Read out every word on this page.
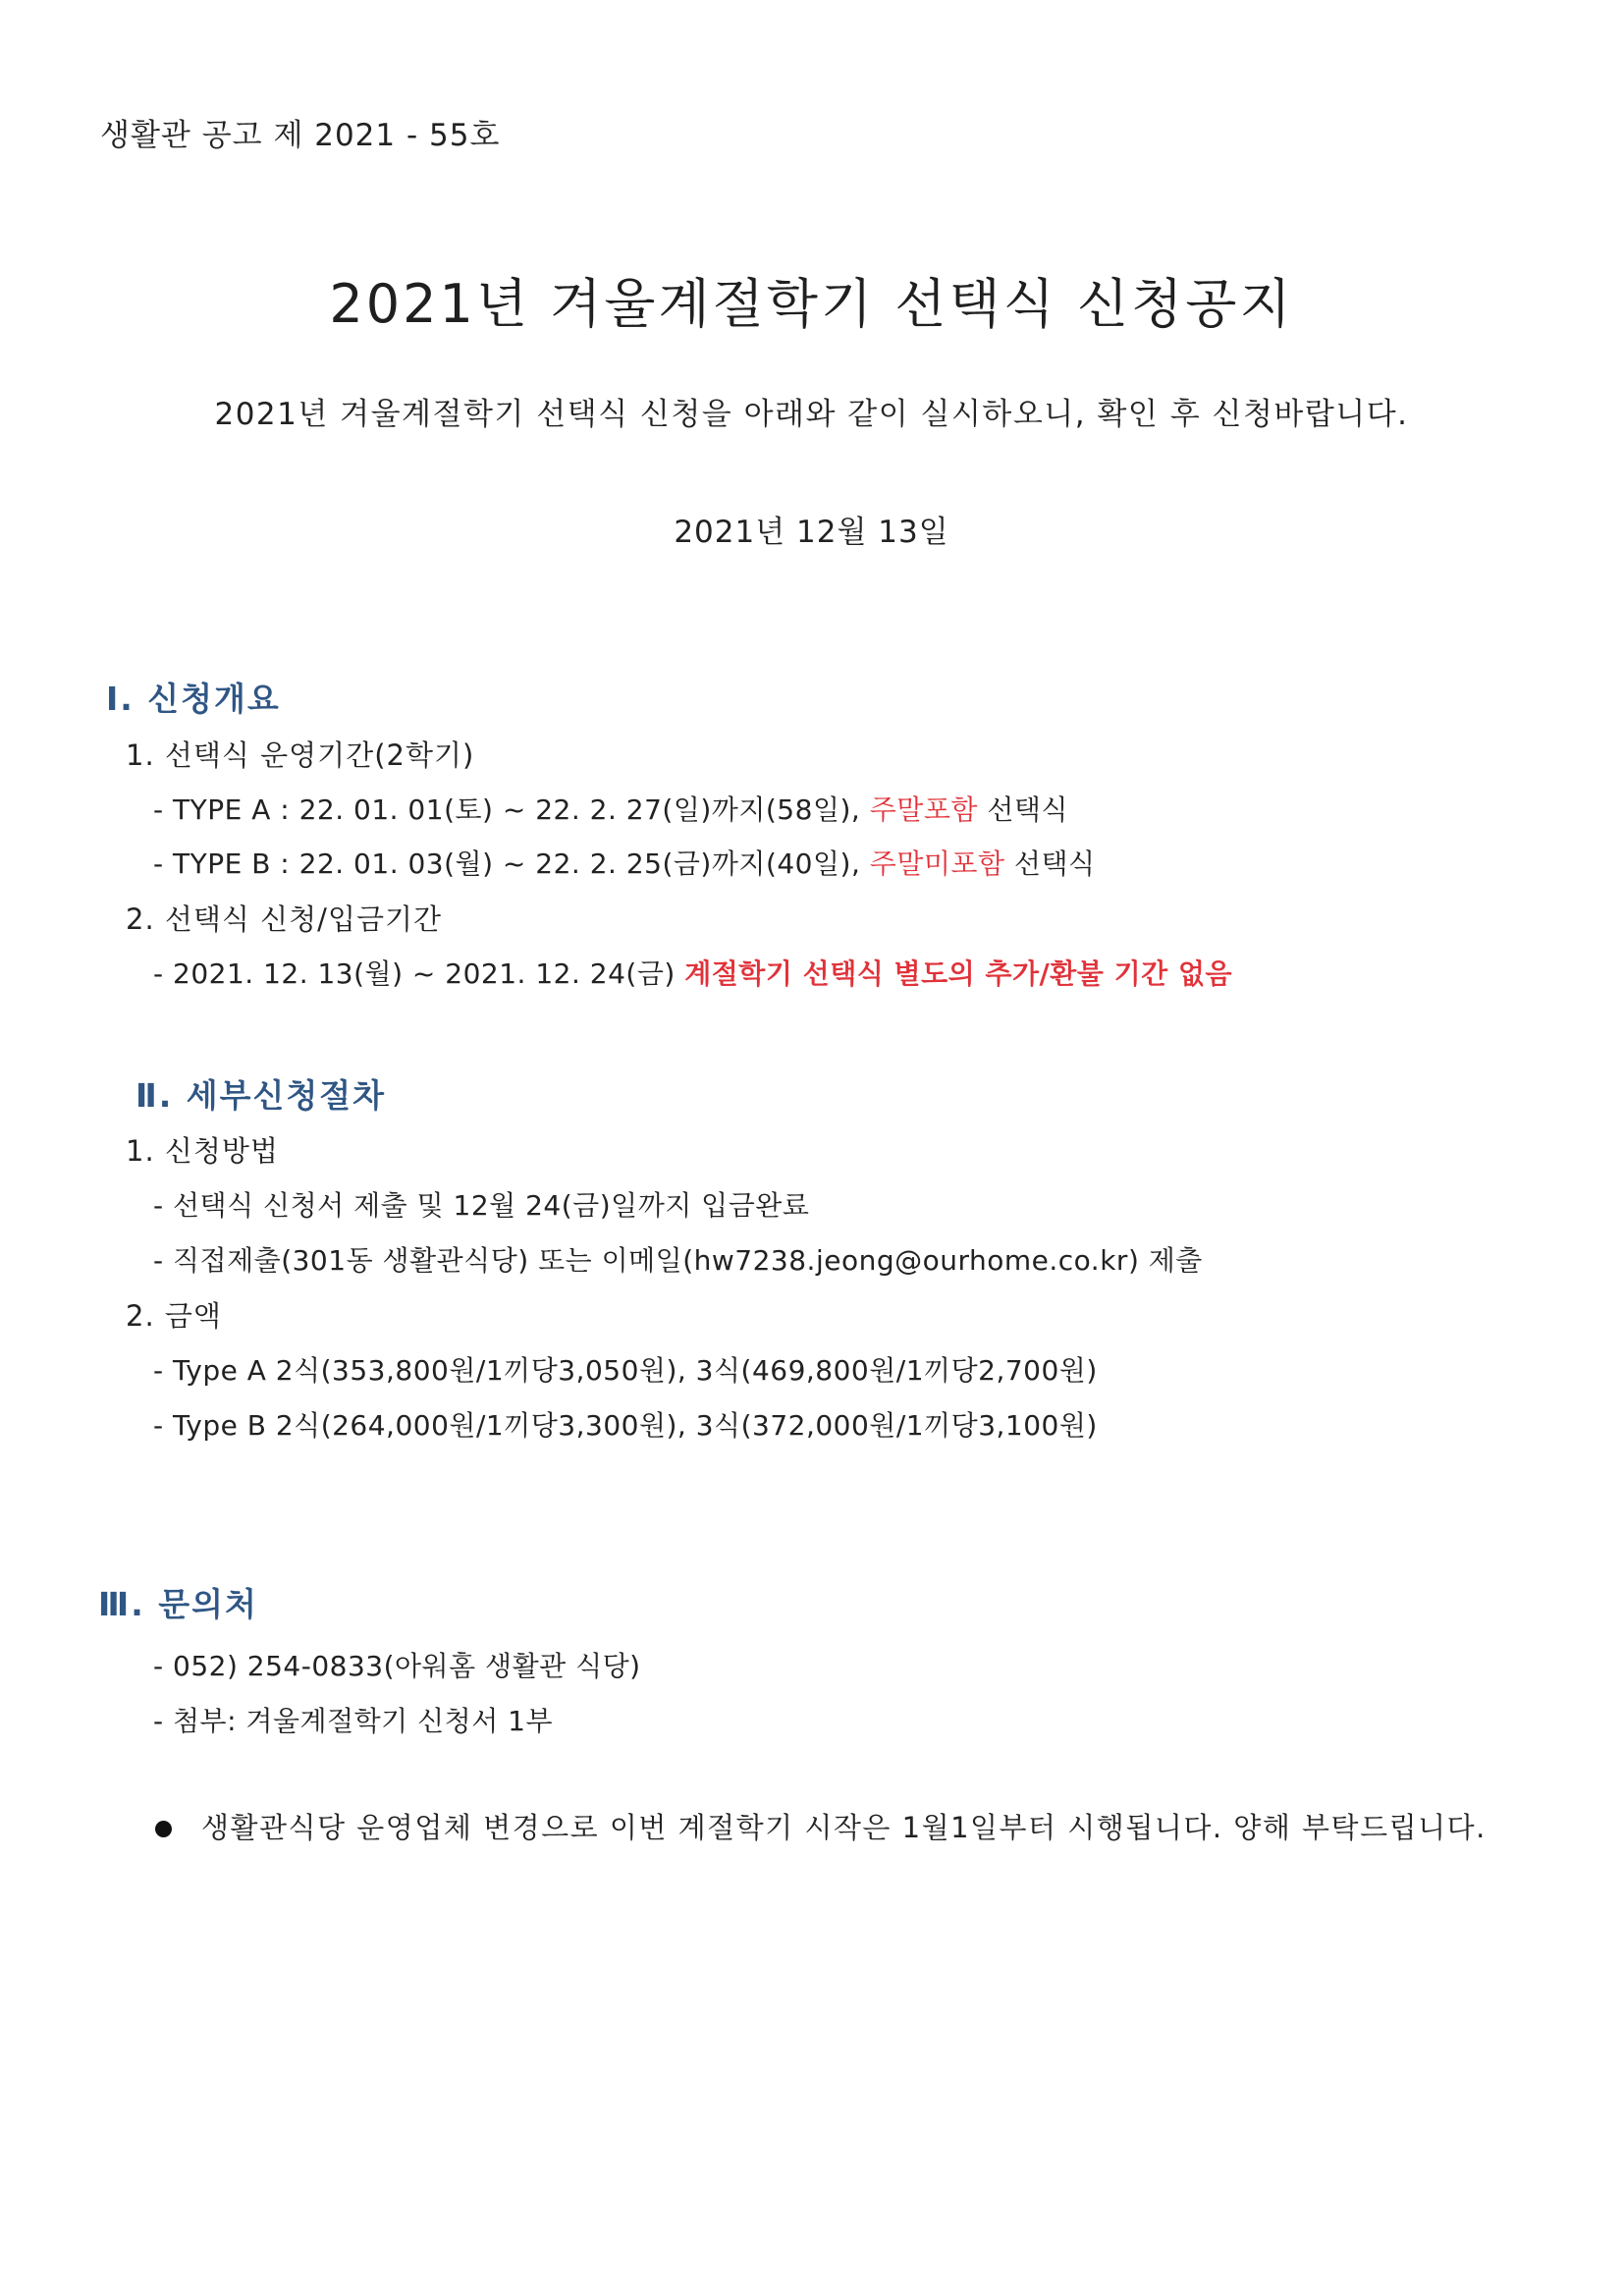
생활관 공고 제 2021 - 55호

2021년 겨울계절학기 선택식 신청공지

2021년 겨울계절학기 선택식 신청을 아래와 같이 실시하오니, 확인 후 신청바랍니다.

2021년 12월 13일

Ⅰ. 신청개요

1. 선택식 운영기간(2학기)

- TYPE A : 22. 01. 01(토) ~ 22. 2. 27(일)까지(58일), 주말포함 선택식

- TYPE B : 22. 01. 03(월) ~ 22. 2. 25(금)까지(40일), 주말미포함 선택식

2. 선택식 신청/입금기간

- 2021. 12. 13(월) ~ 2021. 12. 24(금) 계절학기 선택식 별도의 추가/환불 기간 없음

Ⅱ. 세부신청절차

1. 신청방법

- 선택식 신청서 제출 및 12월 24(금)일까지 입금완료

- 직접제출(301동 생활관식당) 또는 이메일(hw7238.jeong@ourhome.co.kr) 제출

2. 금액

- Type A 2식(353,800원/1끼당3,050원), 3식(469,800원/1끼당2,700원)

- Type B 2식(264,000원/1끼당3,300원), 3식(372,000원/1끼당3,100원)

Ⅲ. 문의처

- 052) 254-0833(아워홈 생활관 식당)

- 첨부: 겨울계절학기 신청서 1부

생활관식당 운영업체 변경으로 이번 계절학기 시작은 1월1일부터 시행됩니다. 양해 부탁드립니다.
